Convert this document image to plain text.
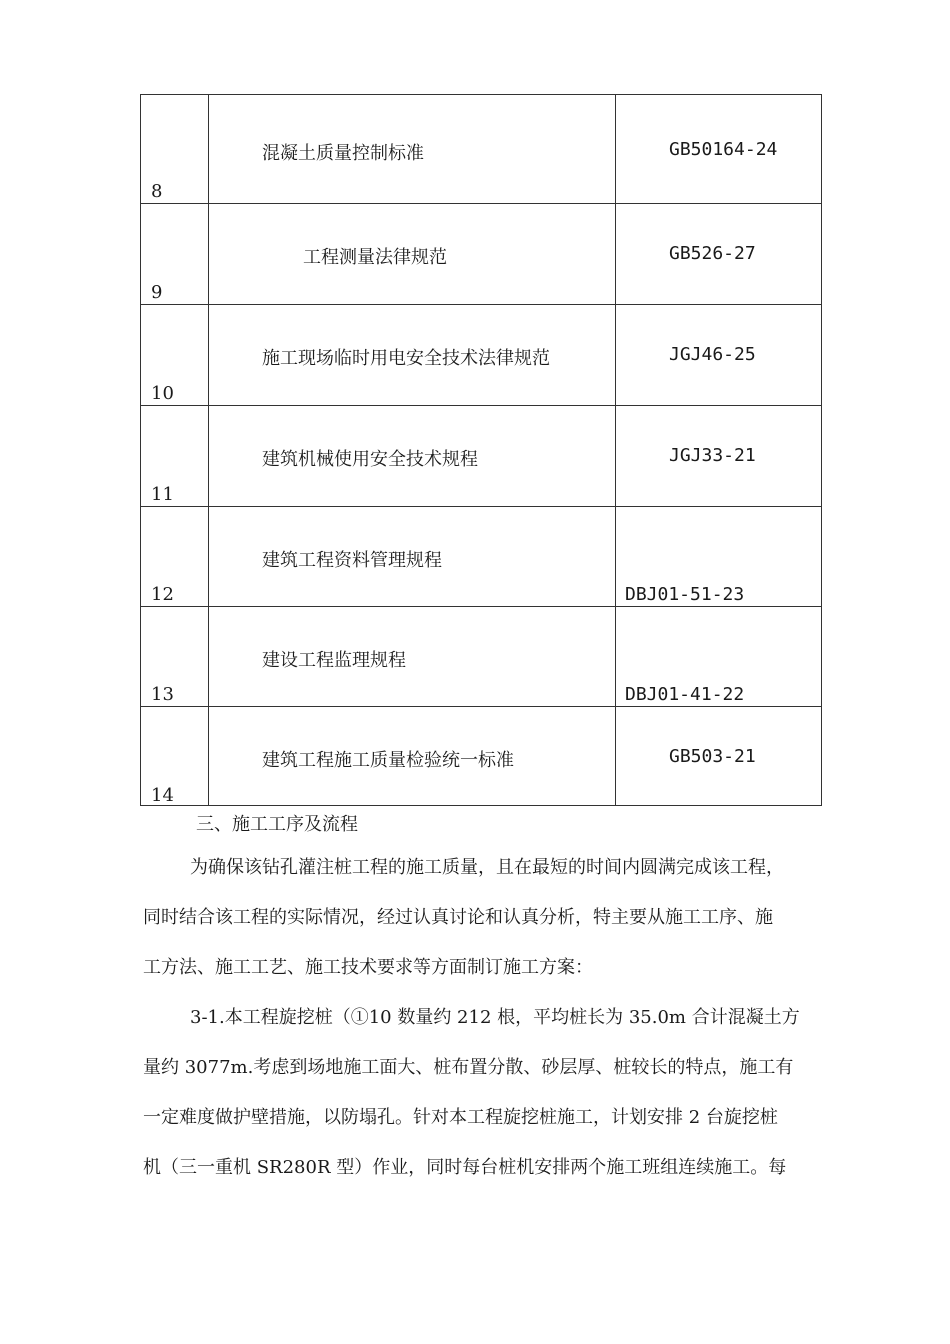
8
混凝土质量控制标准	GB50164-24
9
工程测量法律规范	GB526-27
10
施工现场临时用电安全技术法律规范	JGJ46-25
11
建筑机械使用安全技术规程	JGJ33-21
12
建筑工程资料管理规程
DBJ01-51-23
13
建设工程监理规程
DBJ01-41-22
14
建筑工程施工质量检验统一标准	GB503-21
三、施工工序及流程
为确保该钻孔灌注桩工程的施工质量，且在最短的时间内圆满完成该工程，
同时结合该工程的实际情况，经过认真讨论和认真分析，特主要从施工工序、施
工方法、施工工艺、施工技术要求等方面制订施工方案：
3-1.本工程旋挖桩（①10 数量约 212 根，平均桩长为 35.0m 合计混凝土方
量约 3077m.考虑到场地施工面大、桩布置分散、砂层厚、桩较长的特点，施工有
一定难度做护壁措施，以防塌孔。针对本工程旋挖桩施工，计划安排 2 台旋挖桩
机（三一重机 SR280R 型）作业，同时每台桩机安排两个施工班组连续施工。每
